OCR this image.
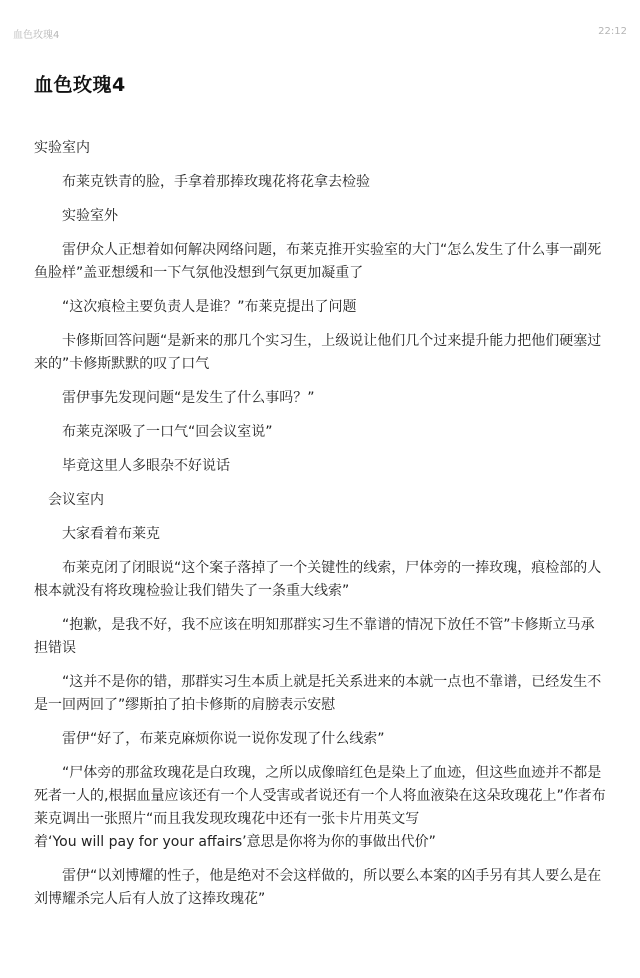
血色玫瑰4	22:12
血色玫瑰4

实验室内

布莱克铁青的脸，手拿着那捧玫瑰花将花拿去检验

实验室外

雷伊众人正想着如何解决网络问题，布莱克推开实验室的大门“怎么发生了什么事一副死鱼脸样”盖亚想缓和一下气氛他没想到气氛更加凝重了

“这次痕检主要负责人是谁？”布莱克提出了问题

卡修斯回答问题“是新来的那几个实习生，上级说让他们几个过来提升能力把他们硬塞过来的”卡修斯默默的叹了口气

雷伊事先发现问题“是发生了什么事吗？”

布莱克深吸了一口气“回会议室说”

毕竟这里人多眼杂不好说话

会议室内

大家看着布莱克

布莱克闭了闭眼说“这个案子落掉了一个关键性的线索，尸体旁的一捧玫瑰，痕检部的人根本就没有将玫瑰检验让我们错失了一条重大线索”

“抱歉，是我不好，我不应该在明知那群实习生不靠谱的情况下放任不管”卡修斯立马承担错误

“这并不是你的错，那群实习生本质上就是托关系进来的本就一点也不靠谱，已经发生不是一回两回了”缪斯拍了拍卡修斯的肩膀表示安慰

雷伊“好了，布莱克麻烦你说一说你发现了什么线索”

“尸体旁的那盆玫瑰花是白玫瑰，之所以成像暗红色是染上了血迹，但这些血迹并不都是死者一人的,根据血量应该还有一个人受害或者说还有一个人将血液染在这朵玫瑰花上”作者布莱克调出一张照片“而且我发现玫瑰花中还有一张卡片用英文写

着‘You will pay for your affairs’意思是你将为你的事做出代价”

雷伊“以刘博耀的性子，他是绝对不会这样做的，所以要么本案的凶手另有其人要么是在刘博耀杀完人后有人放了这捧玫瑰花”
